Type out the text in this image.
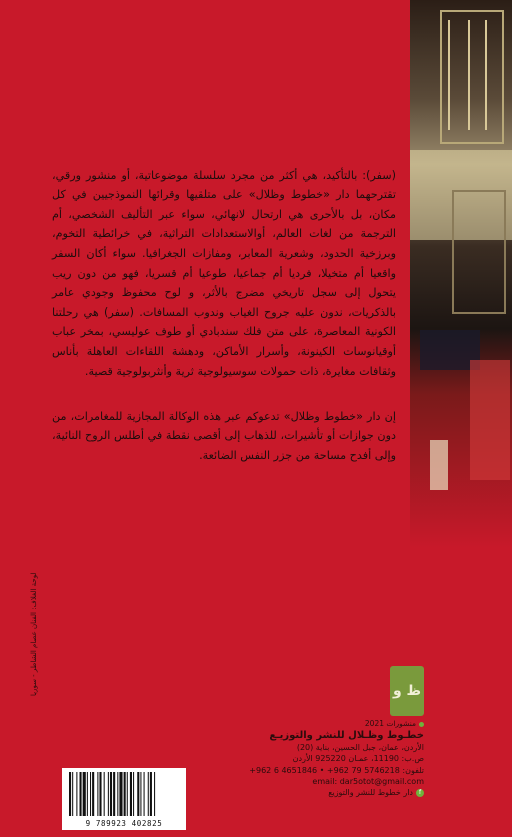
(سفر): بالتأكيد، هي أكثر من مجرد سلسلة موضوعاتية، أو منشور ورقي، تقترحهما دار «خطوط وظلال» على متلقيها وقرائها النموذجيين في كل مكان، بل بالأحرى هي ارتحال لانهائي، سواء عبر التأليف الشخصي، أم الترجمة من لغات العالم، أوالاستعدادات التراثية، في خرائطية التخوم، وبرزخية الحدود، وشعرية المعابر، ومفازات الجغرافيا. سواء أكان السفر واقعيا أم متخيلا، فرديا أم جماعيا، طوعيا أم قسريا، فهو من دون ريب يتحول إلى سجل تاريخي مضرج بالأثر، و لوح محفوظ وجودي عامر بالذكريات، ندون عليه جروح الغياب وندوب المسافات. (سفر) هي رحلتنا الكونية المعاصرة، على متن فلك سندبادي أو طوف عوليسي، بمخر عباب أوقيانوسات الكينونة، وأسرار الأماكن، ودهشة اللقاءات العاهلة بأناس وثقافات مغايرة، ذات حمولات سوسيولوجية ثرية وأنثربولوجية قصية.

إن دار «خطوط وظلال» تدعوكم عبر هذه الوكالة المجازية للمغامرات، من دون جوازات أو تأشيرات، للذهاب إلى أقصى نقطة في أطلس الروح النائية، وإلى أفدح مساحة من جزر النفس الضائعة.

لوحة الغلاف: الفنان عصام الشاطر - سوريا	ظ و
منشورات 2021
خطـوط وظـلال للنشر والتوزيـع
الأردن، عمان، جبل الحسين، بناية (20)
ص.ب: 11190، عمـان 925220 الأردن
تلفون: 5746218 79 962+ • 4651846 6 962+
email: dar5otot@gmail.com
fدار خطوط للنشر والتوزيع
9 789923 402825
